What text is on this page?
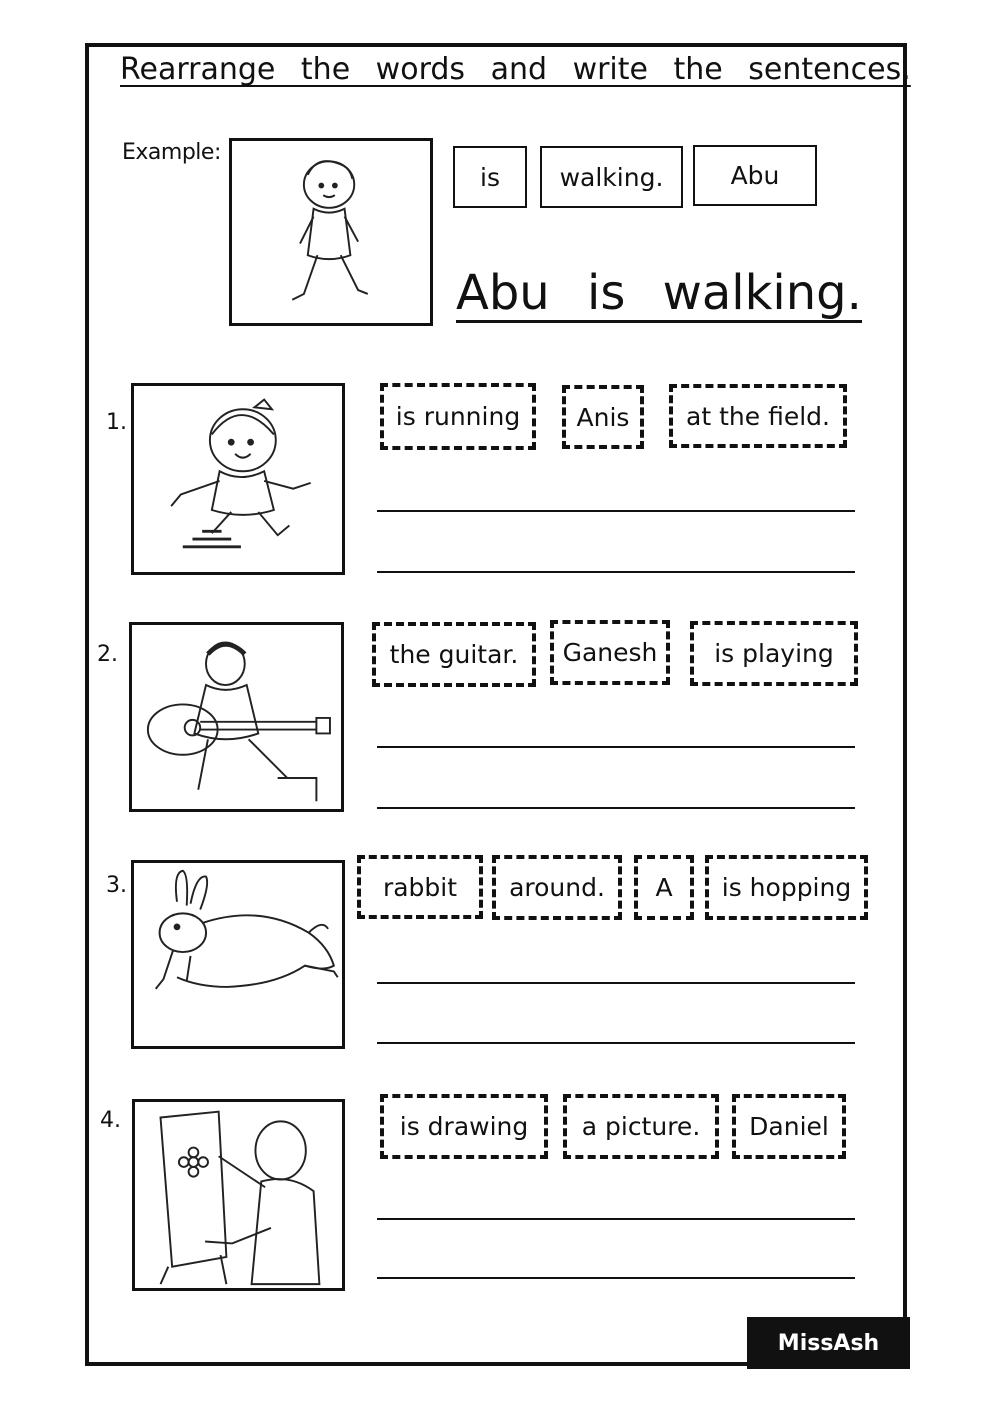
Rearrange the words and write the sentences.
Example:
is	walking.	Abu
Abu is walking.
1.	is running	Anis	at the field.
2.	the guitar.	Ganesh	is playing
3.	rabbit	around.	A	is hopping
4.	is drawing	a picture.	Daniel
MissAsh
